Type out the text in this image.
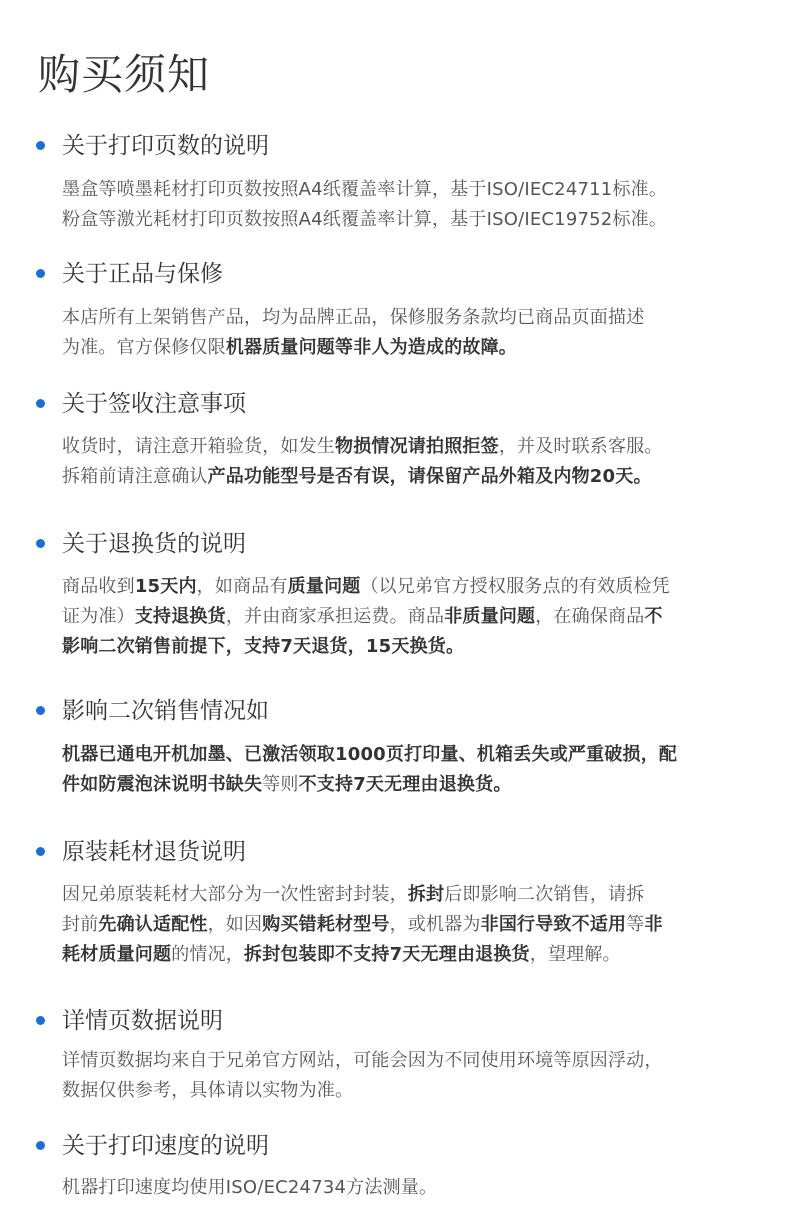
购买须知
关于打印页数的说明
墨盒等喷墨耗材打印页数按照A4纸覆盖率计算，基于ISO/IEC24711标准。
粉盒等激光耗材打印页数按照A4纸覆盖率计算，基于ISO/IEC19752标准。
关于正品与保修
本店所有上架销售产品，均为品牌正品，保修服务条款均已商品页面描述
为准。官方保修仅限机器质量问题等非人为造成的故障。
关于签收注意事项
收货时，请注意开箱验货，如发生物损情况请拍照拒签，并及时联系客服。
拆箱前请注意确认产品功能型号是否有误，请保留产品外箱及内物20天。
关于退换货的说明
商品收到15天内，如商品有质量问题（以兄弟官方授权服务点的有效质检凭
证为准）支持退换货，并由商家承担运费。商品非质量问题，在确保商品不
影响二次销售前提下，支持7天退货，15天换货。
影响二次销售情况如
机器已通电开机加墨、已激活领取1000页打印量、机箱丢失或严重破损，配
件如防震泡沫说明书缺失等则不支持7天无理由退换货。
原装耗材退货说明
因兄弟原装耗材大部分为一次性密封封装，拆封后即影响二次销售，请拆
封前先确认适配性，如因购买错耗材型号，或机器为非国行导致不适用等非
耗材质量问题的情况，拆封包装即不支持7天无理由退换货，望理解。
详情页数据说明
详情页数据均来自于兄弟官方网站，可能会因为不同使用环境等原因浮动，
数据仅供参考，具体请以实物为准。
关于打印速度的说明
机器打印速度均使用ISO/EC24734方法测量。
